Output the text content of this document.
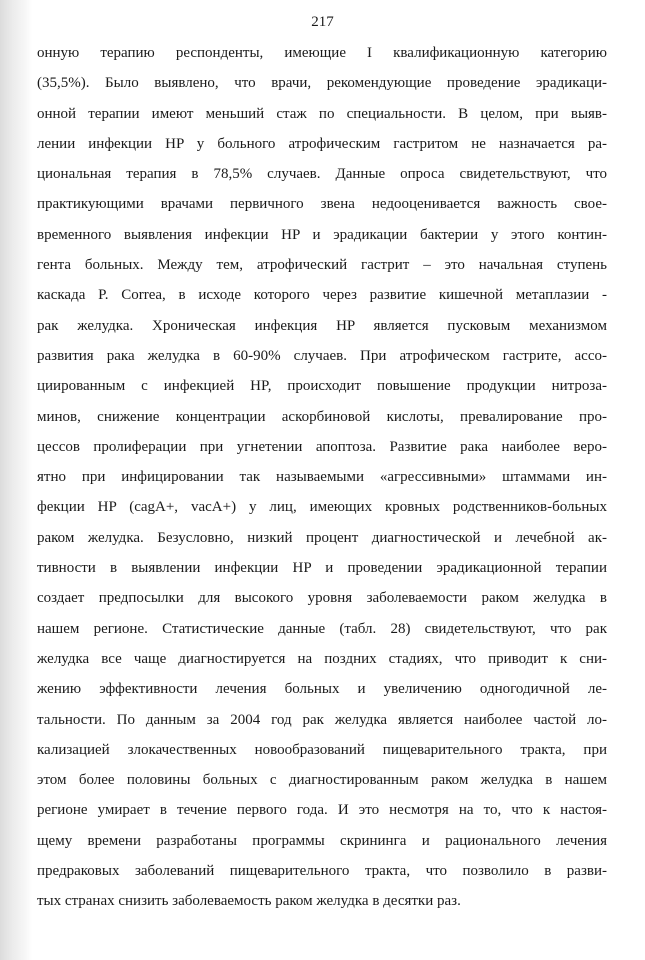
217
онную терапию респонденты, имеющие I квалификационную категорию
(35,5%). Было выявлено, что врачи, рекомендующие проведение эрадикаци-
онной терапии имеют меньший стаж по специальности. В целом, при выяв-
лении инфекции HP у больного атрофическим гастритом не назначается ра-
циональная терапия в 78,5% случаев. Данные опроса свидетельствуют, что
практикующими врачами первичного звена недооценивается важность свое-
временного выявления инфекции HP и эрадикации бактерии у этого контин-
гента больных. Между тем, атрофический гастрит – это начальная ступень
каскада P. Correa, в исходе которого через развитие кишечной метаплазии -
рак желудка. Хроническая инфекция HP является пусковым механизмом
развития рака желудка в 60-90% случаев. При атрофическом гастрите, ассо-
циированным с инфекцией HP, происходит повышение продукции нитроза-
минов, снижение концентрации аскорбиновой кислоты, превалирование про-
цессов пролиферации при угнетении апоптоза. Развитие рака наиболее веро-
ятно при инфицировании так называемыми «агрессивными» штаммами ин-
фекции HP (cagA+, vacA+) у лиц, имеющих кровных родственников-больных
раком желудка. Безусловно, низкий процент диагностической и лечебной ак-
тивности в выявлении инфекции HP и проведении эрадикационной терапии
создает предпосылки для высокого уровня заболеваемости раком желудка в
нашем регионе. Статистические данные (табл. 28) свидетельствуют, что рак
желудка все чаще диагностируется на поздних стадиях, что приводит к сни-
жению эффективности лечения больных и увеличению одногодичной ле-
тальности. По данным за 2004 год рак желудка является наиболее частой ло-
кализацией злокачественных новообразований пищеварительного тракта, при
этом более половины больных с диагностированным раком желудка в нашем
регионе умирает в течение первого года. И это несмотря на то, что к настоя-
щему времени разработаны программы скрининга и рационального лечения
предраковых заболеваний пищеварительного тракта, что позволило в разви-
тых странах снизить заболеваемость раком желудка в десятки раз.
